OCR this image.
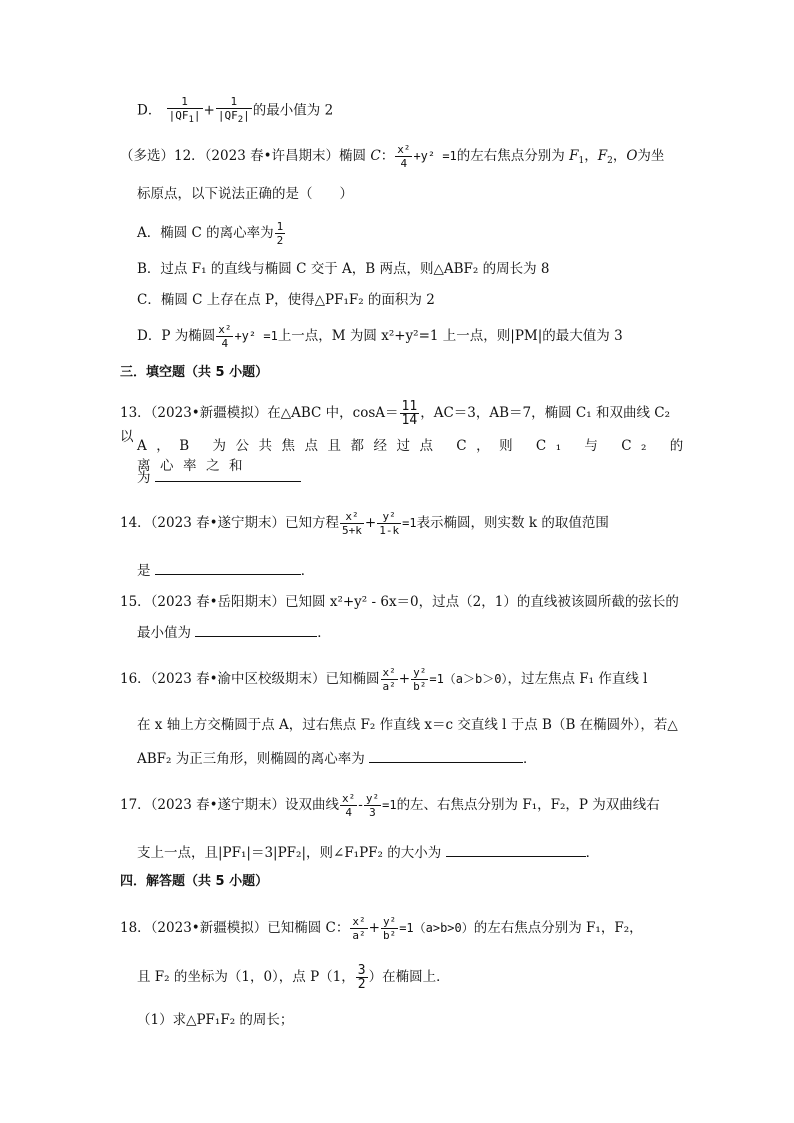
D． $\frac{1}{|QF_1|} + \frac{1}{|QF_2|}$ 的最小值为 2
（多选）12．（2023 春•许昌期末）椭圆 C： $\frac{\text{x²}}{4} +y^2 =1$的左右焦点分别为 $F_1$，$F_2$，O为坐
标原点，以下说法正确的是（　　）
A．椭圆 C 的离心率为 $\frac{1}{2}$
B．过点 F₁ 的直线与椭圆 C 交于 A，B 两点，则△ABF₂ 的周长为 8
C．椭圆 C 上存在点 P，使得△PF₁F₂ 的面积为 2
D．P 为椭圆 $\frac{\text{x²}}{4} +y^2 =1$上一点，M 为圆 x²+y²=1 上一点，则|PM|的最大值为 3
三．填空题（共 5 小题）
13．（2023•新疆模拟）在△ABC 中，$\cos A= \frac{11}{14}$ ，AC＝3，AB＝7，椭圆 C₁ 和双曲线 C₂ 以
A，B 为公共焦点且都经过点 C，则 C₁ 与 C₂ 的离心率之和
为
14．（2023 春•遂宁期末）已知方程 $\frac{\text{x²}}{5+k} + \frac{\text{y²}}{1-k} =1$表示椭圆，则实数 k 的取值范围
是	．
15．（2023 春•岳阳期末）已知圆 x²+y² - 6x＝0，过点（2，1）的直线被该圆所截的弦长的
最小值为	．
16．（2023 春•渝中区校级期末）已知椭圆 $\frac{\text{x²}}{\text{a²}} + \frac{\text{y²}}{\text{b²}} =1(a>b>0)$，过左焦点 F₁ 作直线 l
在 x 轴上方交椭圆于点 A，过右焦点 F₂ 作直线 x＝c 交直线 l 于点 B（B 在椭圆外），若△
ABF₂ 为正三角形，则椭圆的离心率为	．
17．（2023 春•遂宁期末）设双曲线 $\frac{\text{x²}}{4} - \frac{\text{y²}}{3} =1$的左、右焦点分别为 F₁，F₂，P 为双曲线右
支上一点，且|PF₁|＝3|PF₂|，则∠F₁PF₂ 的大小为	．
四．解答题（共 5 小题）
18．（2023•新疆模拟）已知椭圆 C： $\frac{\text{x²}}{\text{a²}} + \frac{\text{y²}}{\text{b²}} =1(a>b>0)$的左右焦点分别为 F₁，F₂，
且 F₂ 的坐标为（1，0），点 P（1， $\frac{3}{2}$ ）在椭圆上．
（1）求△PF₁F₂ 的周长；
